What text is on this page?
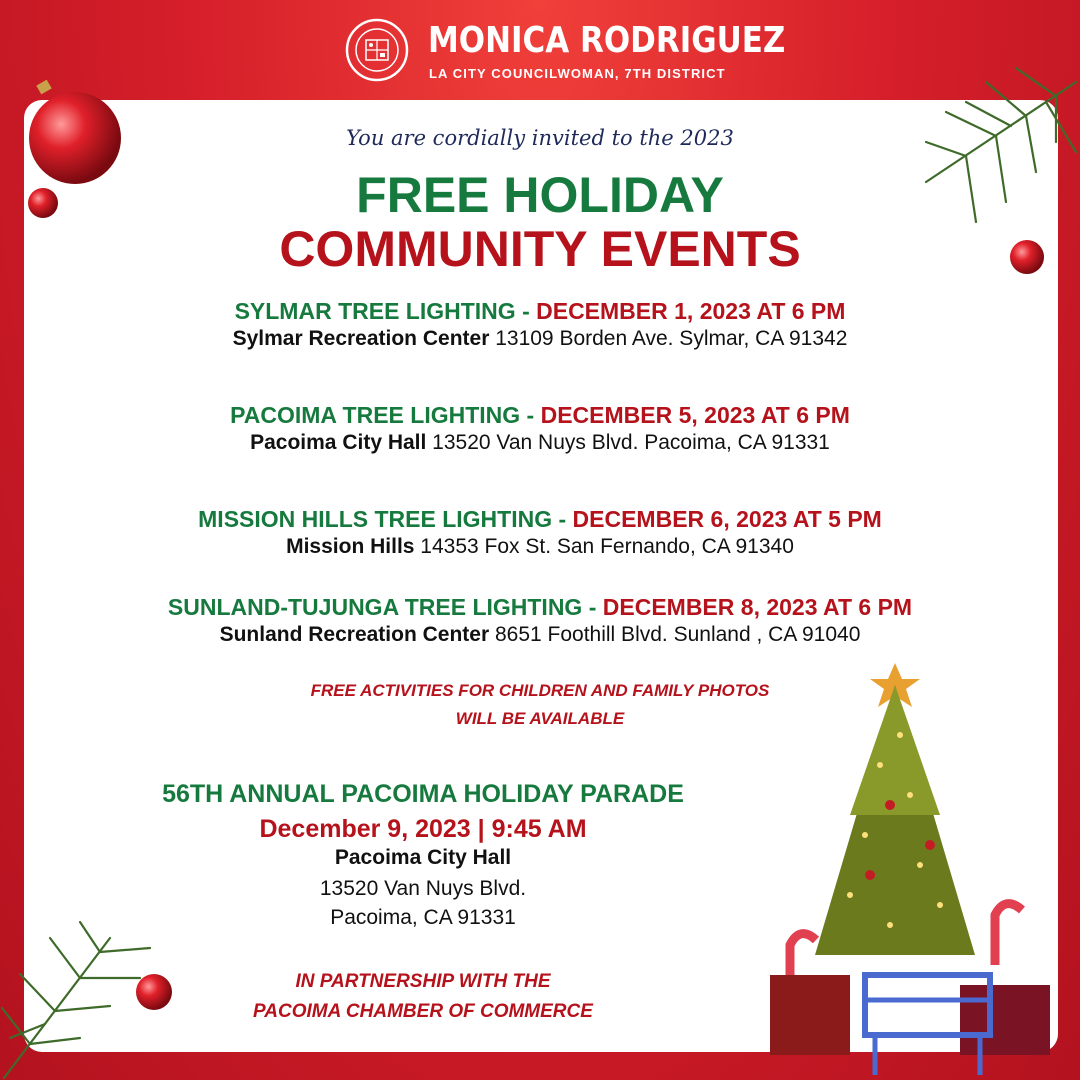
MONICA RODRIGUEZ
LA CITY COUNCILWOMAN, 7TH DISTRICT
You are cordially invited to the 2023
FREE HOLIDAY
COMMUNITY EVENTS
SYLMAR TREE LIGHTING - DECEMBER 1, 2023 AT 6 PM
Sylmar Recreation Center 13109 Borden Ave. Sylmar, CA 91342
PACOIMA TREE LIGHTING - DECEMBER 5, 2023 AT 6 PM
Pacoima City Hall 13520 Van Nuys Blvd. Pacoima, CA 91331
MISSION HILLS TREE LIGHTING - DECEMBER 6, 2023 AT 5 PM
Mission Hills 14353 Fox St. San Fernando, CA 91340
SUNLAND-TUJUNGA TREE LIGHTING - DECEMBER 8, 2023 AT 6 PM
Sunland Recreation Center 8651 Foothill Blvd. Sunland , CA 91040
FREE ACTIVITIES FOR CHILDREN AND FAMILY PHOTOS
WILL BE AVAILABLE
56TH ANNUAL PACOIMA HOLIDAY PARADE
December 9, 2023 | 9:45 AM
Pacoima City Hall
13520 Van Nuys Blvd.
Pacoima, CA 91331
IN PARTNERSHIP WITH THE
PACOIMA CHAMBER OF COMMERCE
